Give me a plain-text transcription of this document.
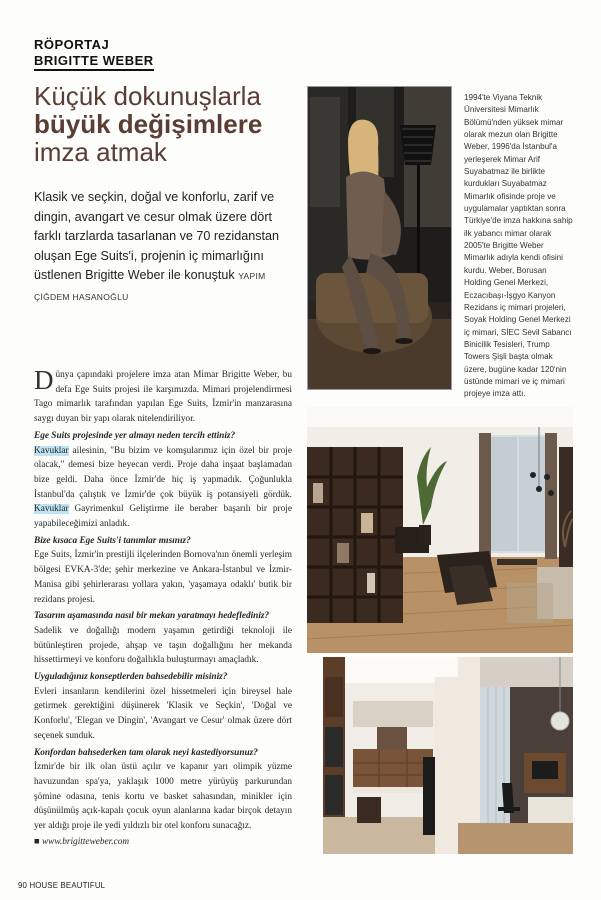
RÖPORTAJ
BRIGITTE WEBER
Küçük dokunuşlarla
büyük değişimlere
imza atmak
Klasik ve seçkin, doğal ve konforlu, zarif ve dingin, avangart ve cesur olmak üzere dört farklı tarzlarda tasarlanan ve 70 rezidanstan oluşan Ege Suits'i, projenin iç mimarlığını üstlenen Brigitte Weber ile konuştuk YAPIM ÇİĞDEM HASANOĞLU
1994'te Viyana Teknik Üniversitesi Mimarlık Bölümü'nden yüksek mimar olarak mezun olan Brigitte Weber, 1996'da İstanbul'a yerleşerek Mimar Arif Suyabatmaz ile birlikte kurdukları Suyabatmaz Mimarlık ofisinde proje ve uygulamalar yaptıktan sonra Türkiye'de imza hakkına sahip ilk yabancı mimar olarak 2005'te Brigitte Weber Mimarlık adıyla kendi ofisini kurdu. Weber, Borusan Holding Genel Merkezi, Eczacıbaşı-İşgyo Kanyon Rezidans iç mimari projeleri, Soyak Holding Genel Merkezi iç mimari, SİEC Sevil Sabancı Binicilik Tesisleri, Trump Towers Şişli başta olmak üzere, bugüne kadar 120'nin üstünde mimari ve iç mimari projeye imza attı.

Dünya çapındaki projelere imza atan Mimar Brigitte Weber, bu defa Ege Suits projesi ile karşımızda. Mimari projelendirmesi Tago mimarlık tarafından yapılan Ege Suits, İzmir'in manzarasına saygı duyan bir yapı olarak nitelendiriliyor.

Ege Suits projesinde yer almayı neden tercih ettiniz?

Kavuklar ailesinin, "Bu bizim ve komşularımız için özel bir proje olacak," demesi bize heyecan verdi. Proje daha inşaat başlamadan bize geldi. Daha önce İzmir'de hiç iş yapmadık. Çoğunlukla İstanbul'da çalıştık ve İzmir'de çok büyük iş potansiyeli gördük. Kavuklar Gayrimenkul Geliştirme ile beraber başarılı bir proje yapabileceğimizi anladık.

Bize kısaca Ege Suits'i tanımlar mısınız?

Ege Suits, İzmir'in prestijli ilçelerinden Bornova'nın önemli yerleşim bölgesi EVKA-3'de; şehir merkezine ve Ankara-İstanbul ve İzmir-Manisa gibi şehirlerarası yollara yakın, 'yaşamaya odaklı' butik bir rezidans projesi.

Tasarım aşamasında nasıl bir mekan yaratmayı hedeflediniz?

Sadelik ve doğallığı modern yaşamın getirdiği teknoloji ile bütünleştiren projede, ahşap ve taşın doğallığını her mekanda hissettirmeyi ve konforu doğallıkla buluşturmayı amaçladık.

Uyguladığınız konseptlerden bahsedebilir misiniz?

Evleri insanların kendilerini özel hissetmeleri için bireysel hale getirmek gerektiğini düşünerek 'Klasik ve Seçkin', 'Doğal ve Konforlu', 'Elegan ve Dingin', 'Avangart ve Cesur' olmak üzere dört seçenek sunduk.

Konfordan bahsederken tam olarak neyi kastediyorsunuz?

İzmir'de bir ilk olan üstü açılır ve kapanır yarı olimpik yüzme havuzundan spa'ya, yaklaşık 1000 metre yürüyüş parkurundan şömine odasına, tenis kortu ve basket sahasından, minikler için düşünülmüş açık-kapalı çocuk oyun alanlarına kadar birçok detayın yer aldığı proje ile yedi yıldızlı bir otel konforu sunacağız.

■ www.brigitteweber.com

90 HOUSE BEAUTIFUL
